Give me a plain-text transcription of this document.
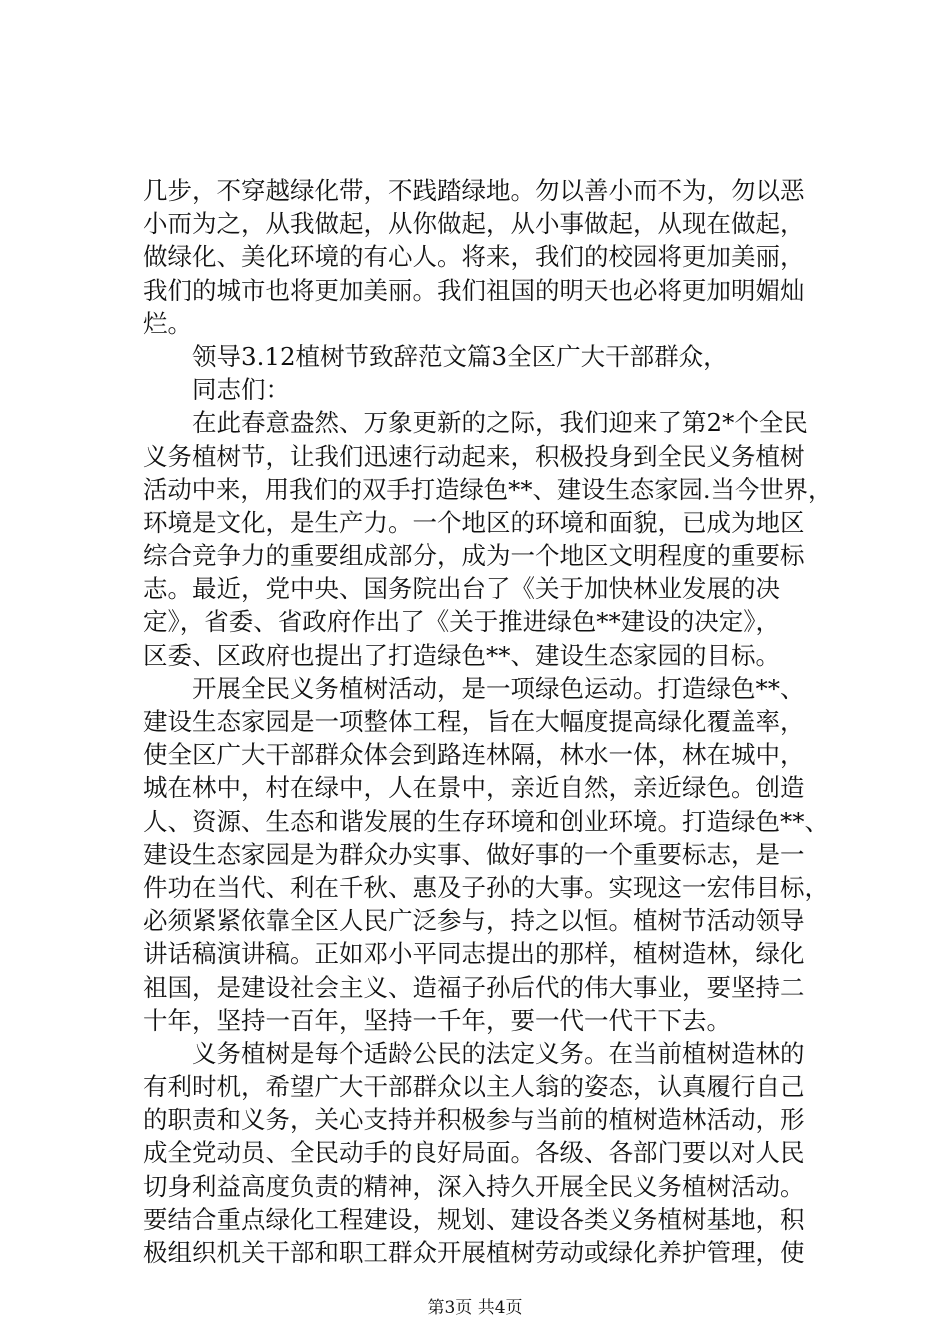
几步，不穿越绿化带，不践踏绿地。勿以善小而不为，勿以恶
小而为之，从我做起，从你做起，从小事做起，从现在做起，
做绿化、美化环境的有心人。将来，我们的校园将更加美丽，
我们的城市也将更加美丽。我们祖国的明天也必将更加明媚灿
烂。
　　领导3.12植树节致辞范文篇3全区广大干部群众，
　　同志们：
　　在此春意盎然、万象更新的之际，我们迎来了第2*个全民
义务植树节，让我们迅速行动起来，积极投身到全民义务植树
活动中来，用我们的双手打造绿色**、建设生态家园.当今世界，
环境是文化，是生产力。一个地区的环境和面貌，已成为地区
综合竞争力的重要组成部分，成为一个地区文明程度的重要标
志。最近，党中央、国务院出台了《关于加快林业发展的决
定》，省委、省政府作出了《关于推进绿色**建设的决定》，
区委、区政府也提出了打造绿色**、建设生态家园的目标。
　　开展全民义务植树活动，是一项绿色运动。打造绿色**、
建设生态家园是一项整体工程，旨在大幅度提高绿化覆盖率，
使全区广大干部群众体会到路连林隔，林水一体，林在城中，
城在林中，村在绿中，人在景中，亲近自然，亲近绿色。创造
人、资源、生态和谐发展的生存环境和创业环境。打造绿色**、
建设生态家园是为群众办实事、做好事的一个重要标志，是一
件功在当代、利在千秋、惠及子孙的大事。实现这一宏伟目标，
必须紧紧依靠全区人民广泛参与，持之以恒。植树节活动领导
讲话稿演讲稿。正如邓小平同志提出的那样，植树造林，绿化
祖国，是建设社会主义、造福子孙后代的伟大事业，要坚持二
十年，坚持一百年，坚持一千年，要一代一代干下去。
　　义务植树是每个适龄公民的法定义务。在当前植树造林的
有利时机，希望广大干部群众以主人翁的姿态，认真履行自己
的职责和义务，关心支持并积极参与当前的植树造林活动，形
成全党动员、全民动手的良好局面。各级、各部门要以对人民
切身利益高度负责的精神，深入持久开展全民义务植树活动。
要结合重点绿化工程建设，规划、建设各类义务植树基地，积
极组织机关干部和职工群众开展植树劳动或绿化养护管理，使
第3页 共4页
